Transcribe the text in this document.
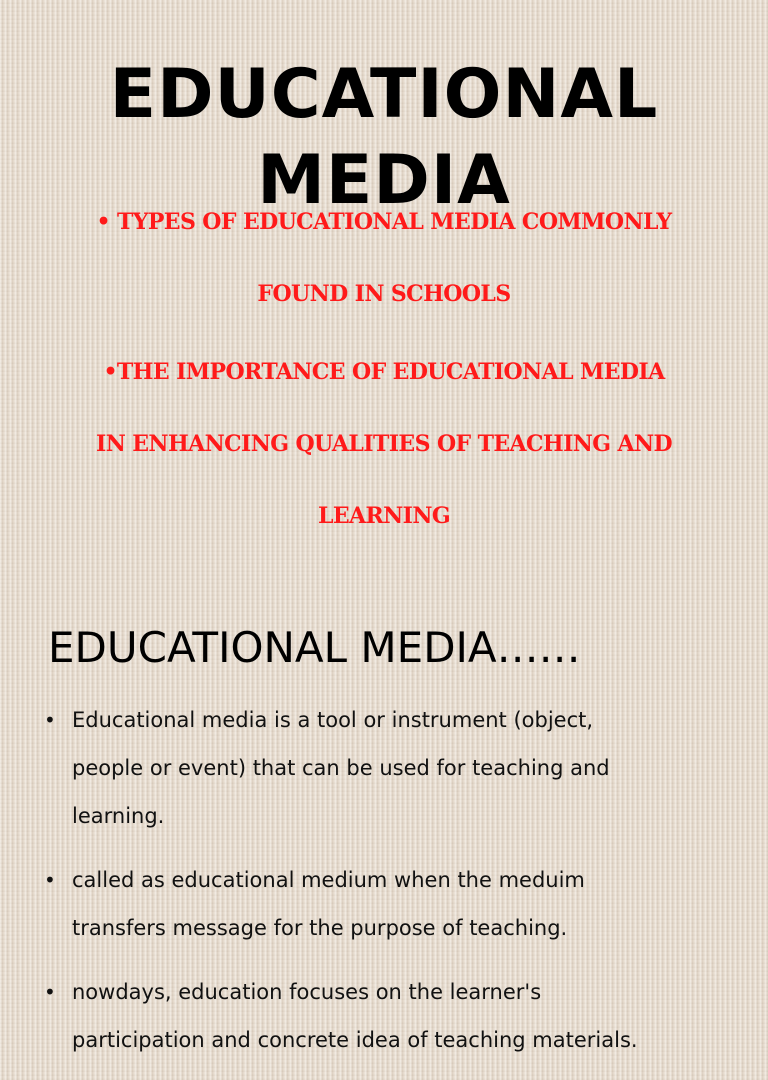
EDUCATIONAL
MEDIA
• TYPES OF EDUCATIONAL MEDIA COMMONLY
FOUND IN SCHOOLS
•THE IMPORTANCE OF EDUCATIONAL MEDIA
IN ENHANCING QUALITIES OF TEACHING AND
LEARNING
EDUCATIONAL MEDIA……
• Educational media is a tool or instrument (object,
people or event) that can be used for teaching and
learning.
• called as educational medium when the meduim
transfers message for the purpose of teaching.
• nowdays, education focuses on the learner's
participation and concrete idea of teaching materials.
